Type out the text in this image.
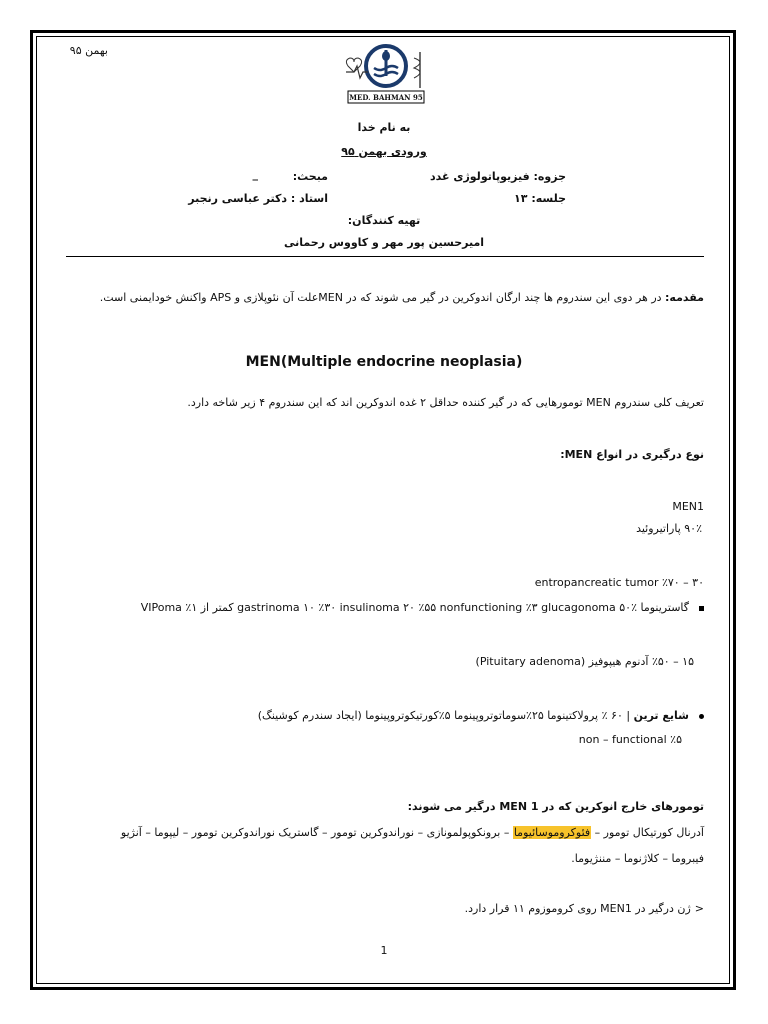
بهمن ۹۵
MED. BAHMAN 95
به نام خدا
ورودی بهمن ۹۵
جزوه: فیزیوپاتولوژی غدد
مبحث:
_
جلسه: ۱۳
استاد : دکتر عباسی رنجبر
تهیه کنندگان:
امیرحسین پور مهر و کاووس رحمانی
مقدمه: در هر دوی این سندروم ها چند ارگان اندوکرین در گیر می شوند که در MENعلت آن نئوپلازی و APS واکنش خودایمنی است.
MEN(Multiple endocrine neoplasia)
تعریف کلی سندروم MEN تومورهایی که در گیر کننده حداقل ۲ غده اندوکرین اند که این سندروم ۴ زیر شاخه دارد.
نوع درگیری در انواع MEN:
MEN1
۹۰٪ پاراتیروئید
entropancreatic tumor ٪۷۰ – ۳۰
گاسترینوما ٪۵۰ gastrinoma ۱۰ ٪۳۰ insulinoma ۲۰ ٪۵۵ nonfunctioning ٪۳ glucagonoma کمتر از ۱٪ VIPoma
۱۵ – ٪۵۰ آدنوم هیپوفیز (Pituitary adenoma)
شایع ترین | ۶۰ ٪ پرولاکتینوما ۲۵٪سوماتوتروپینوما ۵٪کورتیکوتروپینوما (ایجاد سندرم کوشینگ)
non – functional ٪۵
تومورهای خارج انوکرین که در MEN 1 درگیر می شوند:
آدرنال کورتیکال تومور – فئوکروموسائیوما – برونکوپولمونازی – نوراندوکرین تومور – گاستریک نوراندوکرین تومور – لیپوما – آنژیو
فیبروما – کلاژنوما – مننژیوما.
<ژن درگیر در MEN1 روی کروموزوم ۱۱ قرار دارد.
1
